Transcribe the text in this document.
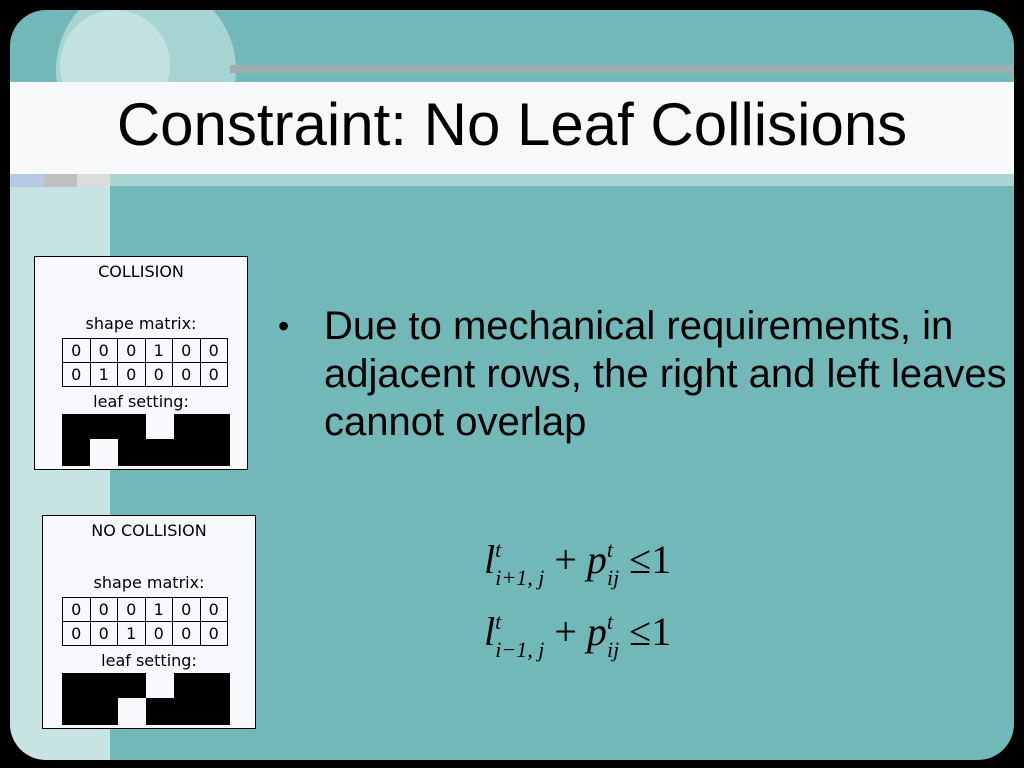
Constraint: No Leaf Collisions
COLLISION
shape matrix:
0	0	0	1	0	0
0	1	0	0	0	0
leaf setting:
NO COLLISION
shape matrix:
0	0	0	1	0	0
0	0	1	0	0	0
leaf setting:
• Due to mechanical requirements, in adjacent rows, the right and left leaves cannot overlap
$l^t_{i+1, j} + p^t_{ij} \le 1$
$l^t_{i-1, j} + p^t_{ij} \le 1$
